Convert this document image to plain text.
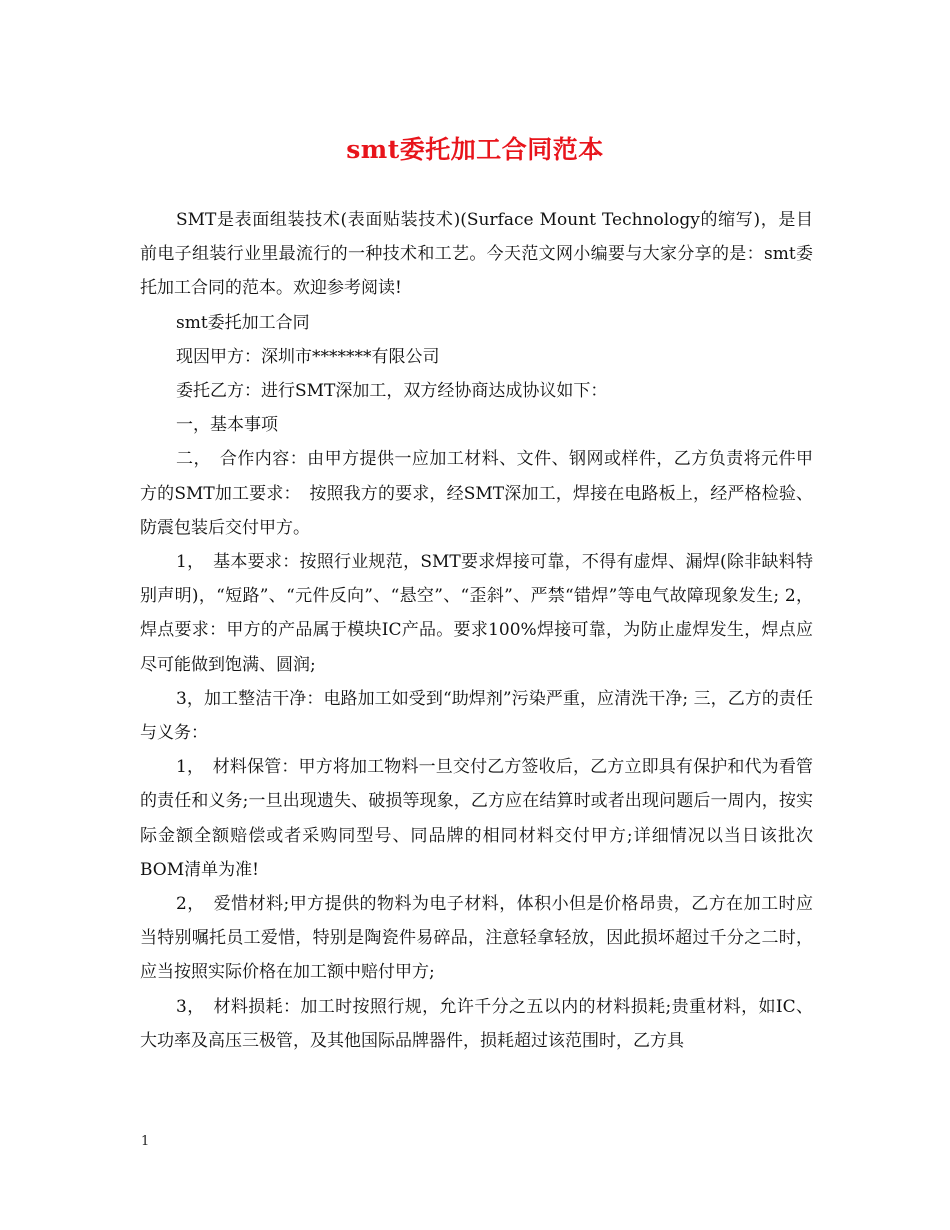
smt委托加工合同范本

SMT是表面组装技术(表面贴装技术)(Surface Mount Technology的缩写)，是目前电子组装行业里最流行的一种技术和工艺。今天范文网小编要与大家分享的是：smt委托加工合同的范本。欢迎参考阅读!

smt委托加工合同

现因甲方：深圳市*******有限公司

委托乙方：进行SMT深加工，双方经协商达成协议如下：

一，基本事项

二，　合作内容：由甲方提供一应加工材料、文件、钢网或样件，乙方负责将元件甲方的SMT加工要求：　按照我方的要求，经SMT深加工，焊接在电路板上，经严格检验、防震包装后交付甲方。

1，　基本要求：按照行业规范，SMT要求焊接可靠，不得有虚焊、漏焊(除非缺料特别声明)，“短路”、“元件反向”、“悬空”、“歪斜”、严禁“错焊”等电气故障现象发生; 2，焊点要求：甲方的产品属于模块IC产品。要求100%焊接可靠，为防止虚焊发生，焊点应尽可能做到饱满、圆润;

3，加工整洁干净：电路加工如受到“助焊剂”污染严重，应清洗干净; 三，乙方的责任与义务：

1，　材料保管：甲方将加工物料一旦交付乙方签收后，乙方立即具有保护和代为看管的责任和义务;一旦出现遗失、破损等现象，乙方应在结算时或者出现问题后一周内，按实际金额全额赔偿或者采购同型号、同品牌的相同材料交付甲方;详细情况以当日该批次BOM清单为准!

2，　爱惜材料;甲方提供的物料为电子材料，体积小但是价格昂贵，乙方在加工时应当特别嘱托员工爱惜，特别是陶瓷件易碎品，注意轻拿轻放，因此损坏超过千分之二时，应当按照实际价格在加工额中赔付甲方;

3，　材料损耗：加工时按照行规，允许千分之五以内的材料损耗;贵重材料，如IC、大功率及高压三极管，及其他国际品牌器件，损耗超过该范围时，乙方具

1
